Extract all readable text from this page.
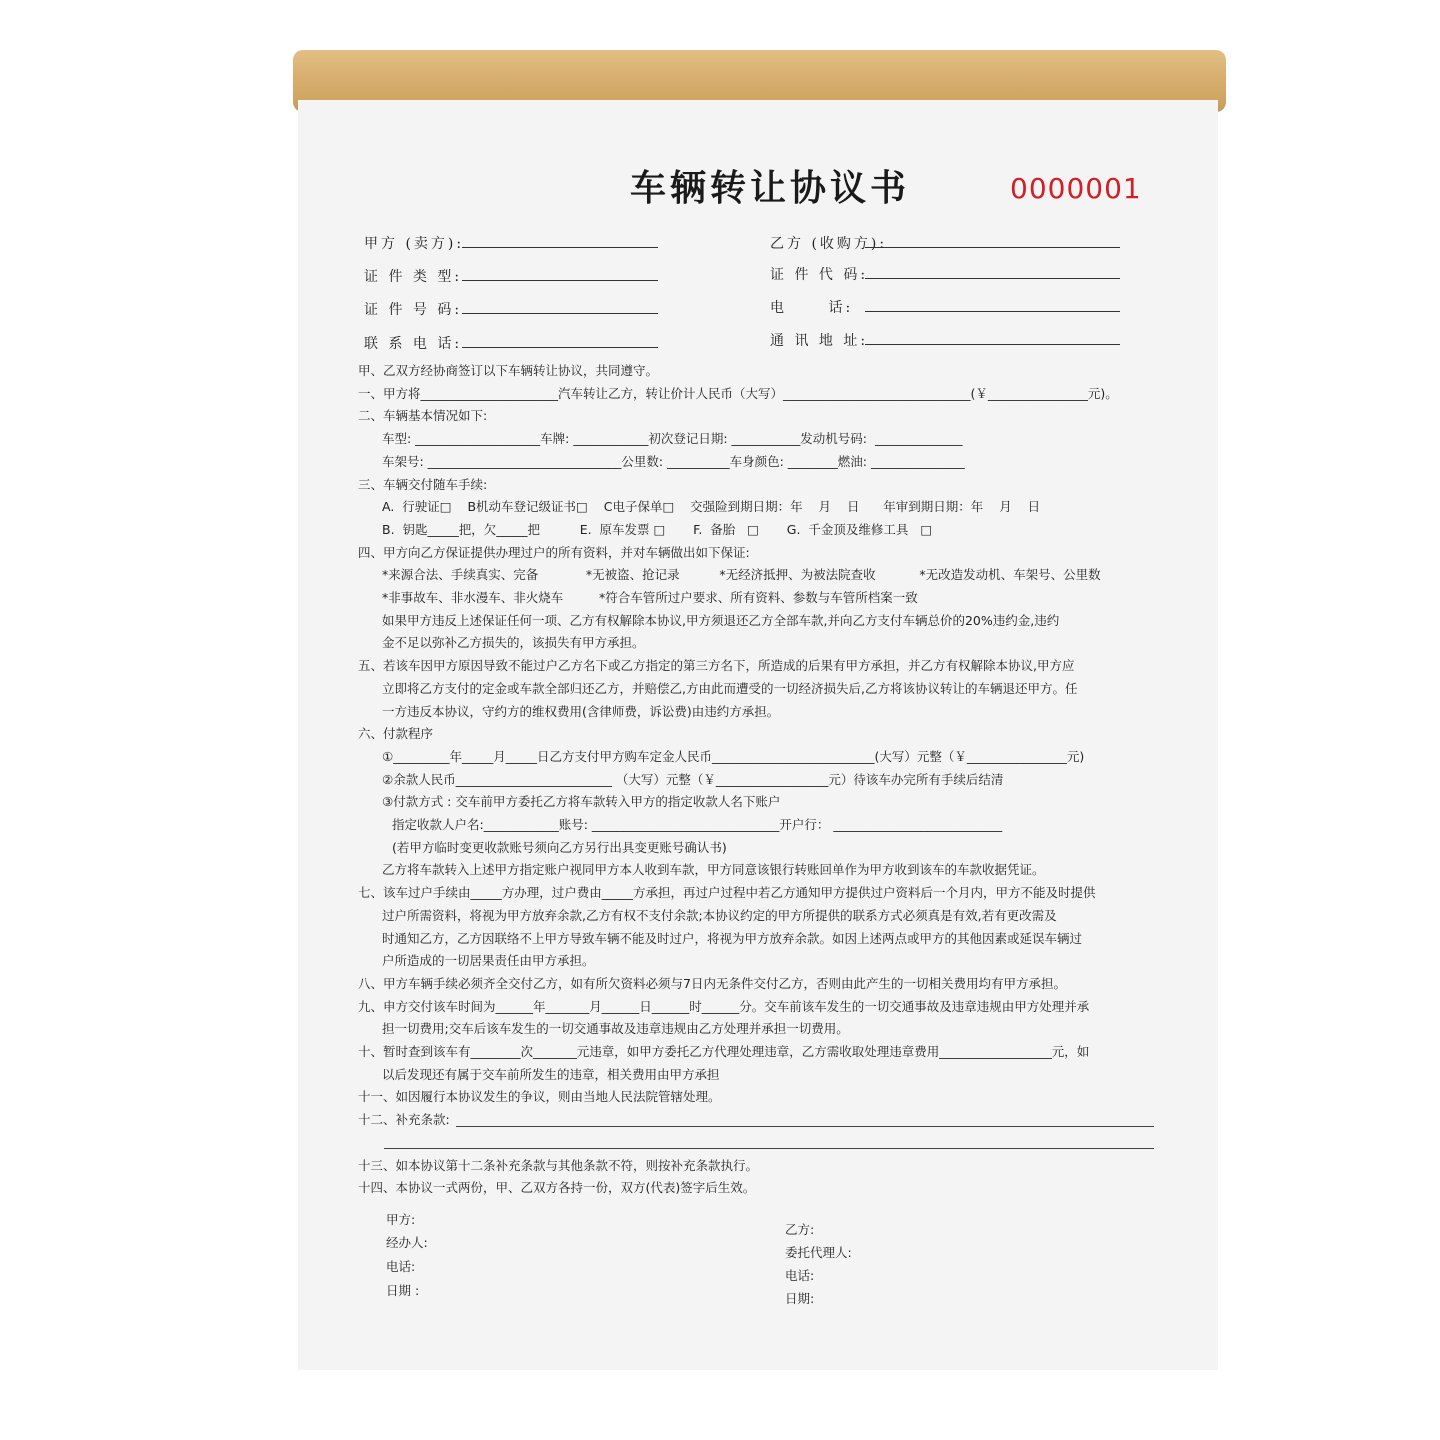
车辆转让协议书	0000001
甲方 (卖方):
证 件 类 型:
证 件 号 码:
联 系 电 话:
乙方 (收购方):
证 件 代 码:
电　　 话:
通 讯 地 址:
甲、乙双方经协商签订以下车辆转让协议，共同遵守。
一、甲方将______________________汽车转让乙方，转让价计人民币（大写）______________________________(￥________________元)。
二、车辆基本情况如下:
车型: ____________________车牌: ____________初次登记日期: ___________发动机号码:  ______________
车架号: _______________________________公里数: __________车身颜色: ________燃油: _______________
三、车辆交付随车手续:
A.  行驶证□    B机动车登记级证书□    C电子保单□    交强险到期日期：年    月    日      年审到期日期：年    月    日
B.  钥匙_____把，欠_____把          E.  原车发票 □       F.  备胎   □       G.  千金顶及维修工具   □
四、甲方向乙方保证提供办理过户的所有资料，并对车辆做出如下保证:
*来源合法、手续真实、完备            *无被盗、抢记录          *无经济抵押、为被法院查收           *无改造发动机、车架号、公里数
*非事故车、非水漫车、非火烧车         *符合车管所过户要求、所有资料、参数与车管所档案一致
如果甲方违反上述保证任何一项、乙方有权解除本协议,甲方须退还乙方全部车款,并向乙方支付车辆总价的20%违约金,违约
金不足以弥补乙方损失的，该损失有甲方承担。
五、若该车因甲方原因导致不能过户乙方名下或乙方指定的第三方名下，所造成的后果有甲方承担，并乙方有权解除本协议,甲方应
立即将乙方支付的定金或车款全部归还乙方，并赔偿乙,方由此而遭受的一切经济损失后,乙方将该协议转让的车辆退还甲方。任
一方违反本协议，守约方的维权费用(含律师费，诉讼费)由违约方承担。
六、付款程序
①_________年_____月_____日乙方支付甲方购车定金人民币__________________________(大写）元整（￥________________元)
②余款人民币_________________________ （大写）元整（￥__________________元）待该车办完所有手续后结清
③付款方式 : 交车前甲方委托乙方将车款转入甲方的指定收款人名下账户
指定收款人户名:____________账号: ______________________________开户行： ___________________________
(若甲方临时变更收款账号须向乙方另行出具变更账号确认书)
乙方将车款转入上述甲方指定账户视同甲方本人收到车款，甲方同意该银行转账回单作为甲方收到该车的车款收据凭证。
七、该车过户手续由_____方办理，过户费由_____方承担，再过户过程中若乙方通知甲方提供过户资料后一个月内，甲方不能及时提供
过户所需资料，将视为甲方放弃余款,乙方有权不支付余款;本协议约定的甲方所提供的联系方式必须真是有效,若有更改需及
时通知乙方，乙方因联络不上甲方导致车辆不能及时过户，将视为甲方放弃余款。如因上述两点或甲方的其他因素或延误车辆过
户所造成的一切居果责任由甲方承担。
八、甲方车辆手续必须齐全交付乙方，如有所欠资料必须与7日内无条件交付乙方，否则由此产生的一切相关费用均有甲方承担。
九、申方交付该车时间为______年_______月______日______时______分。交车前该车发生的一切交通事故及违章违规由甲方处理并承
担一切费用;交车后该车发生的一切交通事故及违章违规由乙方处理并承担一切费用。
十、暂时查到该车有________次_______元违章，如甲方委托乙方代理处理违章，乙方需收取处理违章费用__________________元，如
以后发现还有属于交车前所发生的违章，相关费用由甲方承担
十一、如因履行本协议发生的争议，则由当地人民法院管辖处理。
十二、补充条款:
十三、如本协议第十二条补充条款与其他条款不符，则按补充条款执行。
十四、本协议一式两份，甲、乙双方各持一份，双方(代表)签字后生效。
甲方:
经办人:
电话:
日期 :
乙方:
委托代理人:
电话:
日期:
